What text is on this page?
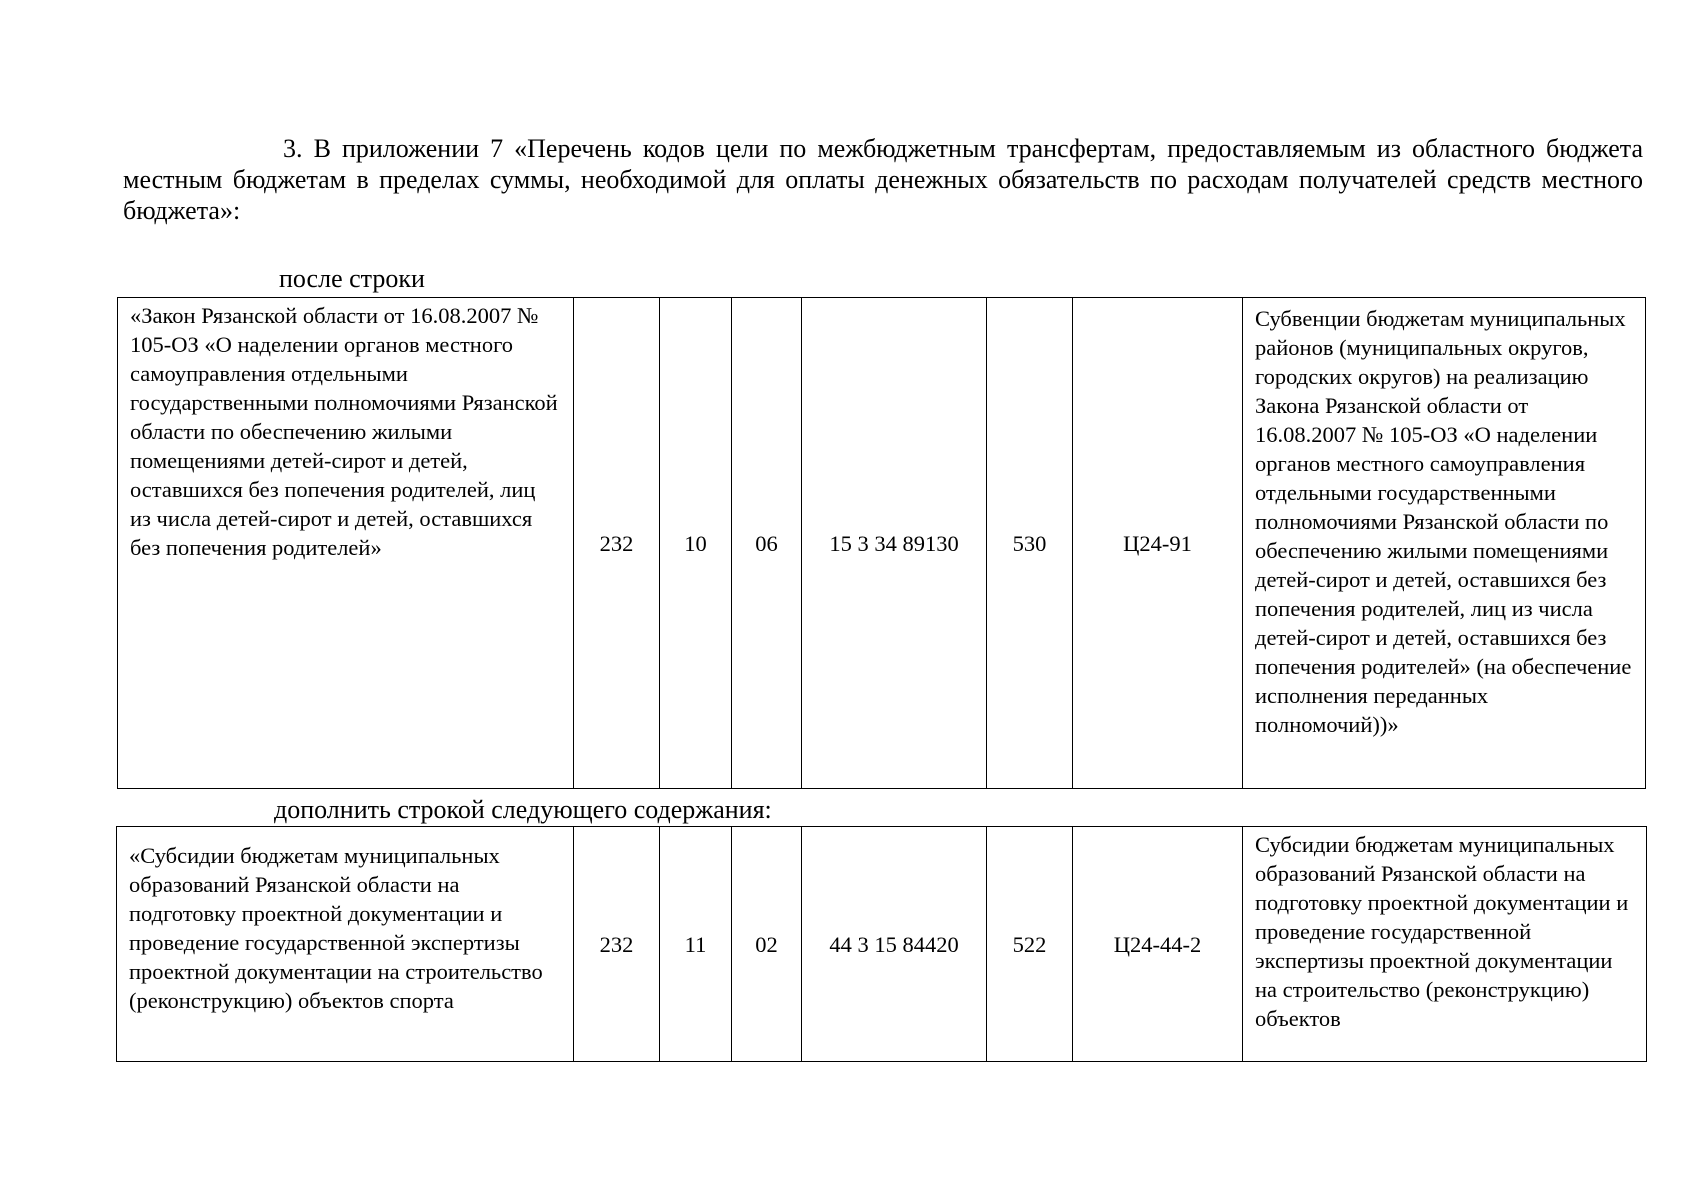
3. В приложении 7 «Перечень кодов цели по межбюджетным трансфертам, предоставляемым из областного бюджета местным бюджетам в пределах суммы, необходимой для оплаты денежных обязательств по расходам получателей средств местного бюджета»:

после строки
«Закон Рязанской области от 16.08.2007 № 105-ОЗ «О наделении органов местного самоуправления отдельными государственными полномочиями Рязанской области по обеспечению жилыми помещениями детей-сирот и детей, оставшихся без попечения родителей, лиц из числа детей-сирот и детей, оставшихся без попечения родителей»	232	10	06	15 3 34 89130	530	Ц24-91	Субвенции бюджетам муниципальных районов (муниципальных округов, городских округов) на реализацию Закона Рязанской области от 16.08.2007 № 105-ОЗ «О наделении органов местного самоуправления отдельными государственными полномочиями Рязанской области по обеспечению жилыми помещениями детей-сирот и детей, оставшихся без попечения родителей, лиц из числа детей-сирот и детей, оставшихся без попечения родителей» (на обеспечение исполнения переданных полномочий))»
дополнить строкой следующего содержания:
«Субсидии бюджетам муниципальных образований Рязанской области на подготовку проектной документации и проведение государственной экспертизы проектной документации на строительство (реконструкцию) объектов спорта	232	11	02	44 3 15 84420	522	Ц24-44-2	Субсидии бюджетам муниципальных образований Рязанской области на подготовку проектной документации и проведение государственной экспертизы проектной документации на строительство (реконструкцию) объектов
